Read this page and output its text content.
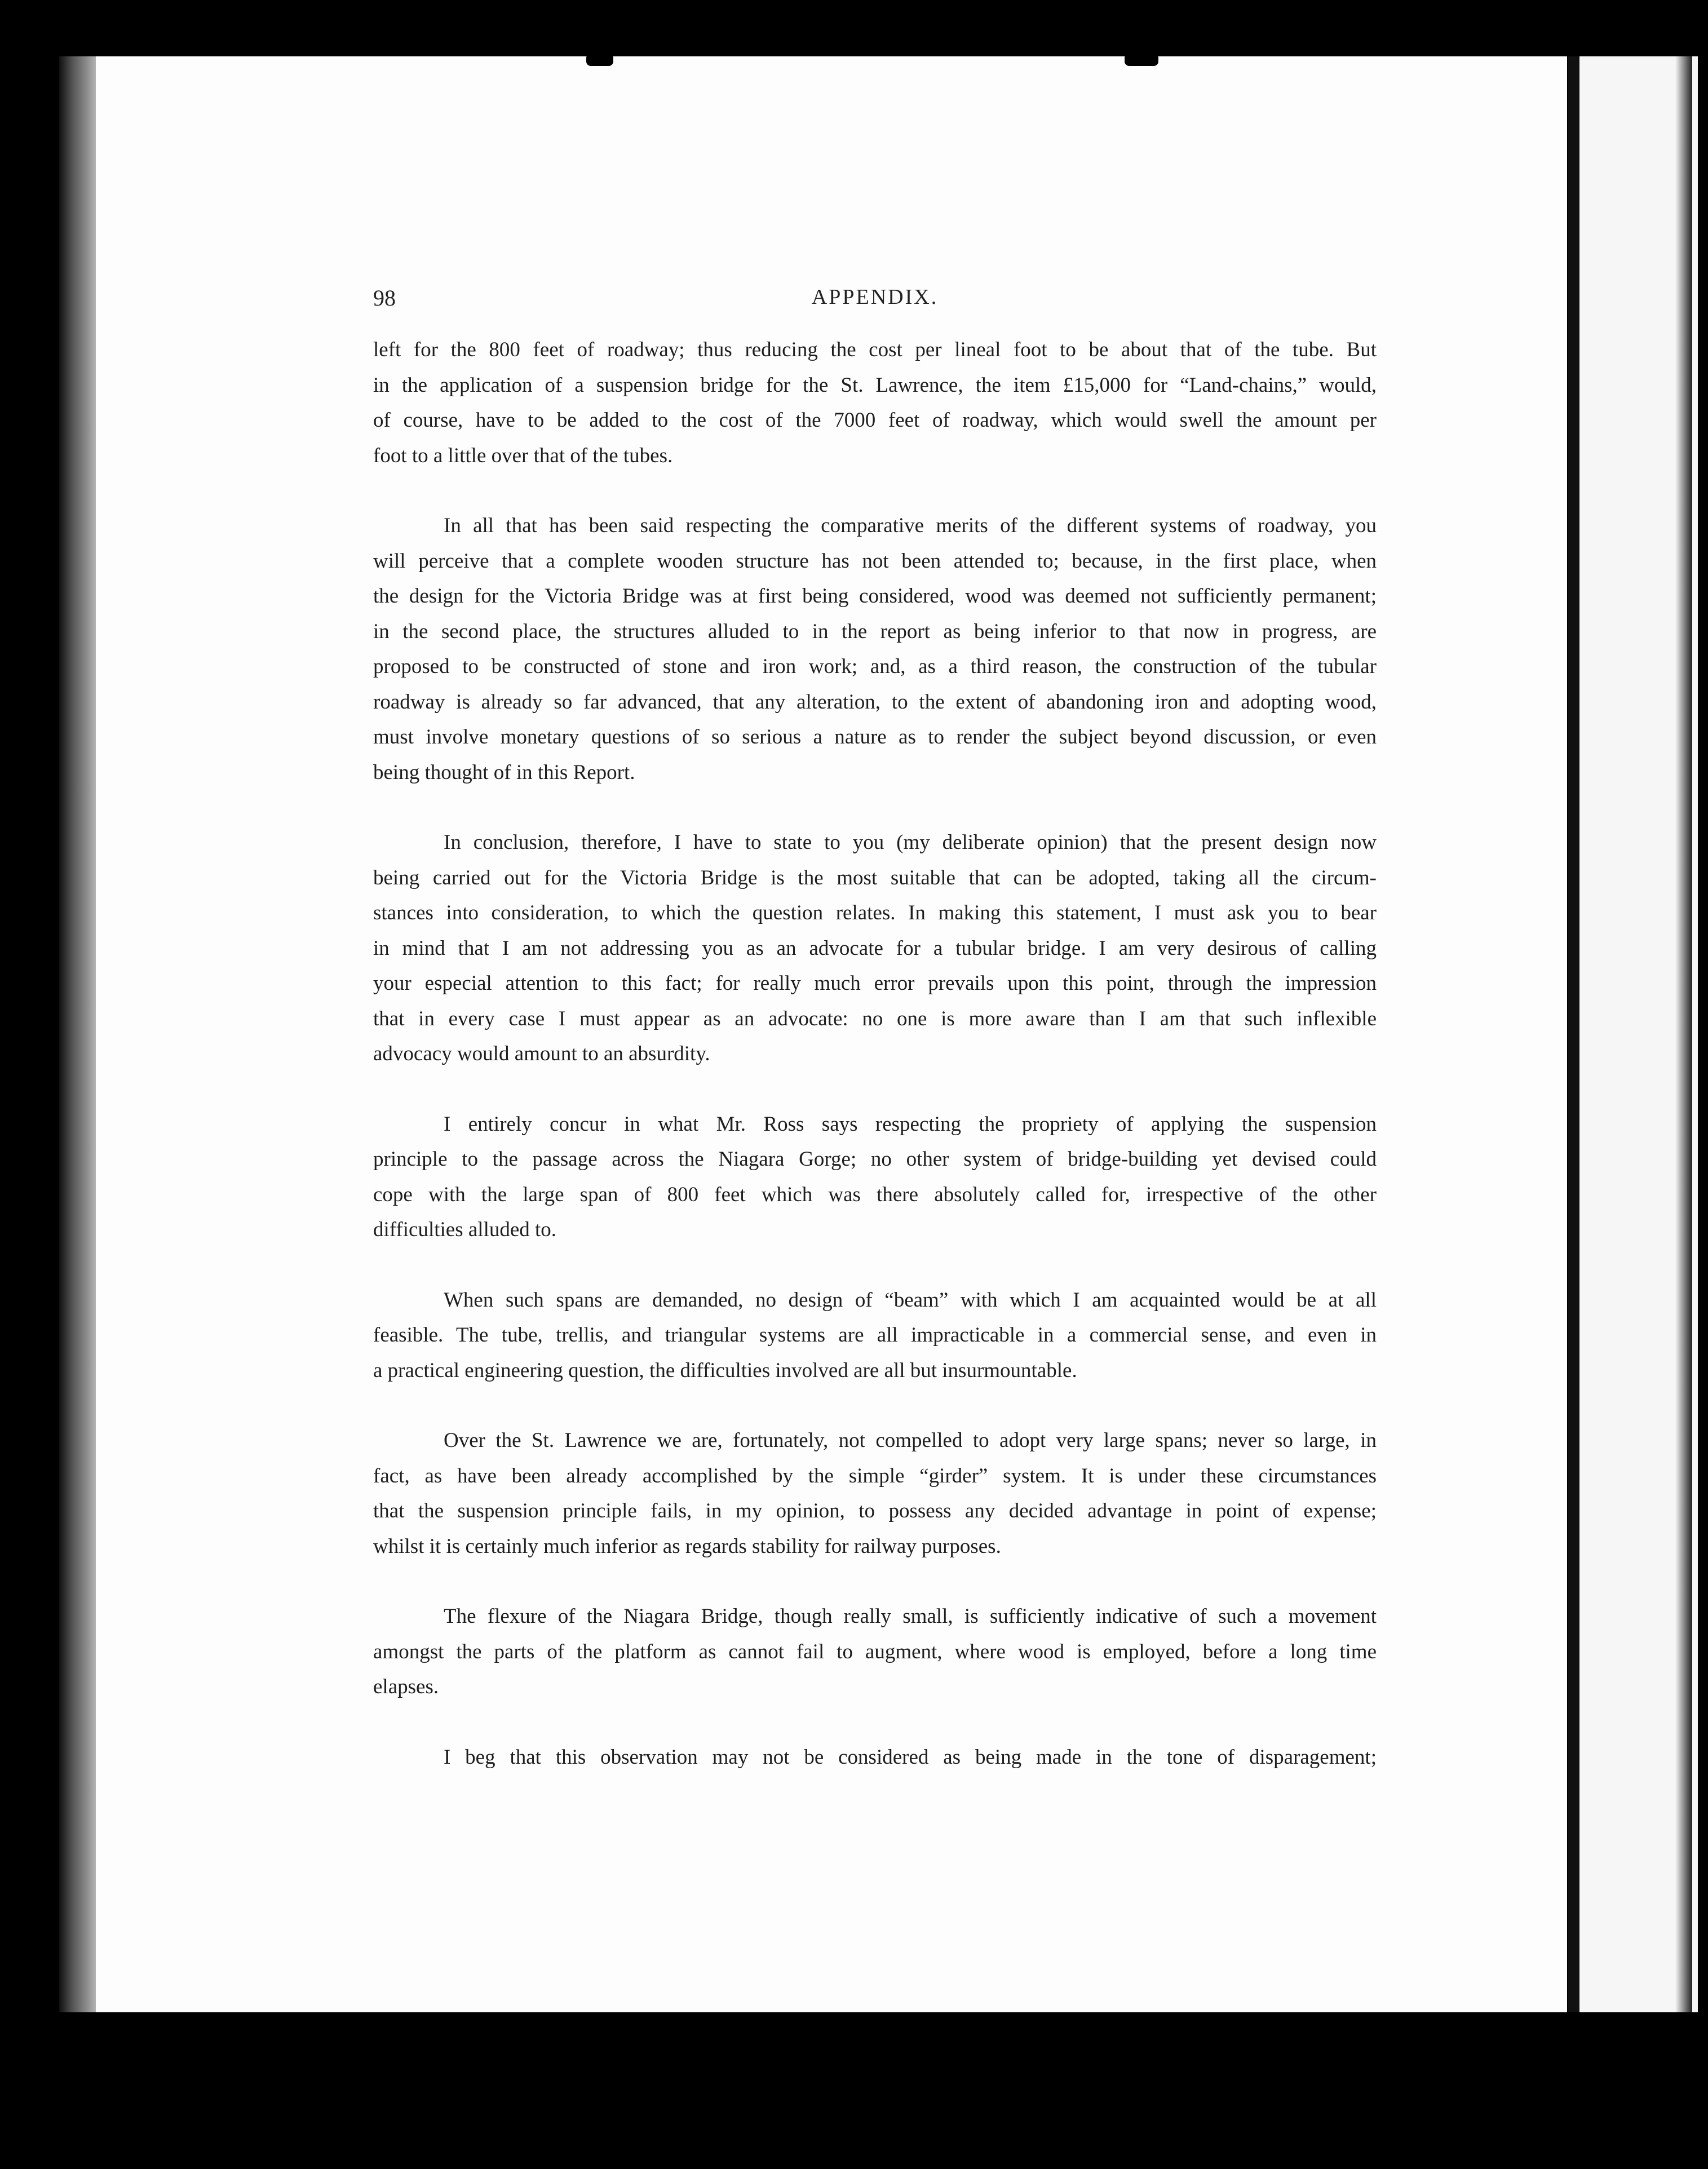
98	APPENDIX.
left for the 800 feet of roadway; thus reducing the cost per lineal foot to be about that of the tube. But
in the application of a suspension bridge for the St. Lawrence, the item £15,000 for “Land-chains,” would,
of course, have to be added to the cost of the 7000 feet of roadway, which would swell the amount per
foot to a little over that of the tubes.
In all that has been said respecting the comparative merits of the different systems of roadway, you
will perceive that a complete wooden structure has not been attended to; because, in the first place, when
the design for the Victoria Bridge was at first being considered, wood was deemed not sufficiently permanent;
in the second place, the structures alluded to in the report as being inferior to that now in progress, are
proposed to be constructed of stone and iron work; and, as a third reason, the construction of the tubular
roadway is already so far advanced, that any alteration, to the extent of abandoning iron and adopting wood,
must involve monetary questions of so serious a nature as to render the subject beyond discussion, or even
being thought of in this Report.
In conclusion, therefore, I have to state to you (my deliberate opinion) that the present design now
being carried out for the Victoria Bridge is the most suitable that can be adopted, taking all the circum-
stances into consideration, to which the question relates. In making this statement, I must ask you to bear
in mind that I am not addressing you as an advocate for a tubular bridge. I am very desirous of calling
your especial attention to this fact; for really much error prevails upon this point, through the impression
that in every case I must appear as an advocate: no one is more aware than I am that such inflexible
advocacy would amount to an absurdity.
I entirely concur in what Mr. Ross says respecting the propriety of applying the suspension
principle to the passage across the Niagara Gorge; no other system of bridge-building yet devised could
cope with the large span of 800 feet which was there absolutely called for, irrespective of the other
difficulties alluded to.
When such spans are demanded, no design of “beam” with which I am acquainted would be at all
feasible. The tube, trellis, and triangular systems are all impracticable in a commercial sense, and even in
a practical engineering question, the difficulties involved are all but insurmountable.
Over the St. Lawrence we are, fortunately, not compelled to adopt very large spans; never so large, in
fact, as have been already accomplished by the simple “girder” system. It is under these circumstances
that the suspension principle fails, in my opinion, to possess any decided advantage in point of expense;
whilst it is certainly much inferior as regards stability for railway purposes.
The flexure of the Niagara Bridge, though really small, is sufficiently indicative of such a movement
amongst the parts of the platform as cannot fail to augment, where wood is employed, before a long time
elapses.
I beg that this observation may not be considered as being made in the tone of disparagement;
